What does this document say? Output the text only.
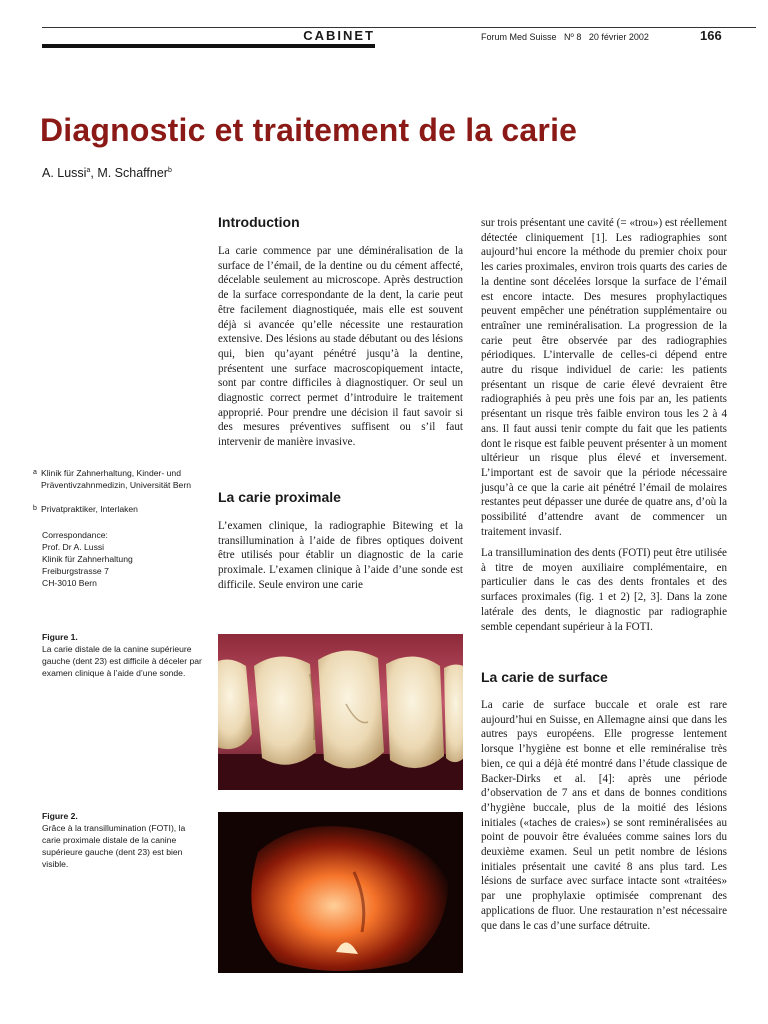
CABINET	Forum Med Suisse   Nº 8   20 février 2002	166
Diagnostic et traitement de la carie
A. Lussi$^a$, M. Schaffner$^b$
a Klinik für Zahnerhaltung, Kinder- und Präventivzahnmedizin, Universität Bern
b Privatpraktiker, Interlaken
Correspondance:
Prof. Dr A. Lussi
Klinik für Zahnerhaltung
Freiburgstrasse 7
CH-3010 Bern
Figure 1.
La carie distale de la canine supérieure gauche (dent 23) est difficile à déceler par examen clinique à l’aide d’une sonde.
Figure 2.
Grâce à la transillumination (FOTI), la carie proximale distale de la canine supérieure gauche (dent 23) est bien visible.
Introduction

La carie commence par une déminéralisation de la surface de l’émail, de la dentine ou du cément affecté, décelable seulement au microscope. Après destruction de la surface correspondante de la dent, la carie peut être facilement diagnostiquée, mais elle est souvent déjà si avancée qu’elle nécessite une restauration extensive. Des lésions au stade débutant ou des lésions qui, bien qu’ayant pénétré jusqu’à la dentine, présentent une surface macroscopiquement intacte, sont par contre difficiles à diagnostiquer. Or seul un diagnostic correct permet d’introduire le traitement approprié. Pour prendre une décision il faut savoir si des mesures préventives suffisent ou s’il faut intervenir de manière invasive.

La carie proximale

L’examen clinique, la radiographie Bitewing et la transillumination à l’aide de fibres optiques doivent être utilisés pour établir un diagnostic de la carie proximale. L’examen clinique à l’aide d’une sonde est difficile. Seule environ une carie

sur trois présentant une cavité (= «trou») est réellement détectée cliniquement [1]. Les radiographies sont aujourd’hui encore la méthode du premier choix pour les caries proximales, environ trois quarts des caries de la dentine sont décelées lorsque la surface de l’émail est encore intacte. Des mesures prophylactiques peuvent empêcher une pénétration supplémentaire ou entraîner une reminéralisation. La progression de la carie peut être observée par des radiographies périodiques. L’intervalle de celles-ci dépend entre autre du risque individuel de carie: les patients présentant un risque de carie élevé devraient être radiographiés à peu près une fois par an, les patients présentant un risque très faible environ tous les 2 à 4 ans. Il faut aussi tenir compte du fait que les patients dont le risque est faible peuvent présenter à un moment ultérieur un risque plus élevé et inversement. L’important est de savoir que la période nécessaire jusqu’à ce que la carie ait pénétré l’émail de molaires restantes peut dépasser une durée de quatre ans, d’où la possibilité d’attendre avant de commencer un traitement invasif.

La transillumination des dents (FOTI) peut être utilisée à titre de moyen auxiliaire complémentaire, en particulier dans le cas des dents frontales et des surfaces proximales (fig. 1 et 2) [2, 3]. Dans la zone latérale des dents, le diagnostic par radiographie semble cependant supérieur à la FOTI.

La carie de surface

La carie de surface buccale et orale est rare aujourd’hui en Suisse, en Allemagne ainsi que dans les autres pays européens. Elle progresse lentement lorsque l’hygiène est bonne et elle reminéralise très bien, ce qui a déjà été montré dans l’étude classique de Backer-Dirks et al. [4]: après une période d’observation de 7 ans et dans de bonnes conditions d’hygiène buccale, plus de la moitié des lésions initiales («taches de craies») se sont reminéralisées au point de pouvoir être évaluées comme saines lors du deuxième examen. Seul un petit nombre de lésions initiales présentait une cavité 8 ans plus tard. Les lésions de surface avec surface intacte sont «traitées» par une prophylaxie optimisée comprenant des applications de fluor. Une restauration n’est nécessaire que dans le cas d’une surface détruite.
